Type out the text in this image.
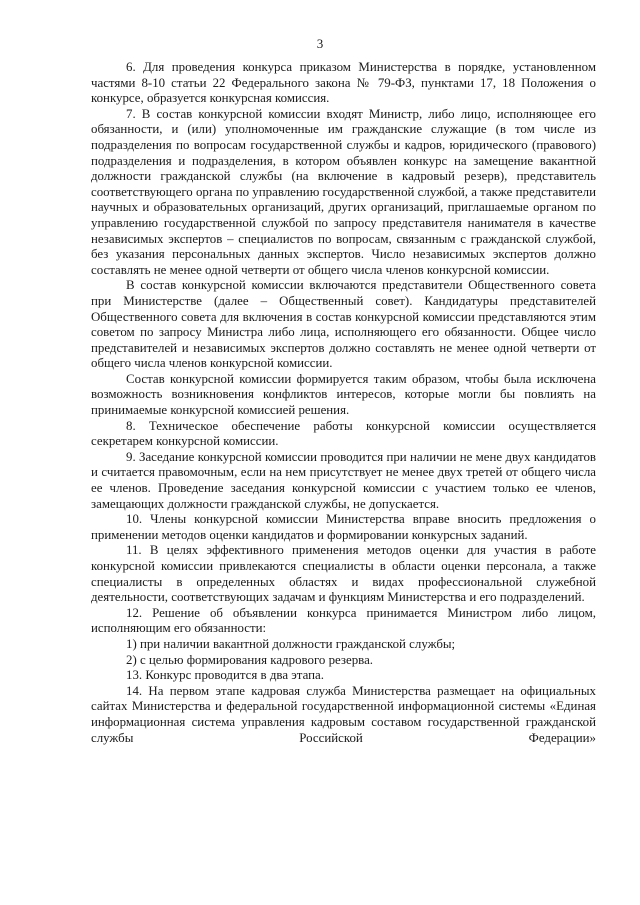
3

6. Для проведения конкурса приказом Министерства в порядке, установленном частями 8-10 статьи 22 Федерального закона № 79-ФЗ, пунктами 17, 18 Положения о конкурсе, образуется конкурсная комиссия.

7. В состав конкурсной комиссии входят Министр, либо лицо, исполняющее его обязанности, и (или) уполномоченные им гражданские служащие (в том числе из подразделения по вопросам государственной службы и кадров, юридического (правового) подразделения и подразделения, в котором объявлен конкурс на замещение вакантной должности гражданской службы (на включение в кадровый резерв), представитель соответствующего органа по управлению государственной службой, а также представители научных и образовательных организаций, других организаций, приглашаемые органом по управлению государственной службой по запросу представителя нанимателя в качестве независимых экспертов – специалистов по вопросам, связанным с гражданской службой, без указания персональных данных экспертов. Число независимых экспертов должно составлять не менее одной четверти от общего числа членов конкурсной комиссии.

В состав конкурсной комиссии включаются представители Общественного совета при Министерстве (далее – Общественный совет). Кандидатуры представителей Общественного совета для включения в состав конкурсной комиссии представляются этим советом по запросу Министра либо лица, исполняющего его обязанности. Общее число представителей и независимых экспертов должно составлять не менее одной четверти от общего числа членов конкурсной комиссии.

Состав конкурсной комиссии формируется таким образом, чтобы была исключена возможность возникновения конфликтов интересов, которые могли бы повлиять на принимаемые конкурсной комиссией решения.

8. Техническое обеспечение работы конкурсной комиссии осуществляется секретарем конкурсной комиссии.

9. Заседание конкурсной комиссии проводится при наличии не мене двух кандидатов и считается правомочным, если на нем присутствует не менее двух третей от общего числа ее членов. Проведение заседания конкурсной комиссии с участием только ее членов, замещающих должности гражданской службы, не допускается.

10. Члены конкурсной комиссии Министерства вправе вносить предложения о применении методов оценки кандидатов и формировании конкурсных заданий.

11. В целях эффективного применения методов оценки для участия в работе конкурсной комиссии привлекаются специалисты в области оценки персонала, а также специалисты в определенных областях и видах профессиональной служебной деятельности, соответствующих задачам и функциям Министерства и его подразделений.

12. Решение об объявлении конкурса принимается Министром либо лицом, исполняющим его обязанности:

1) при наличии вакантной должности гражданской службы;

2) с целью формирования кадрового резерва.

13. Конкурс проводится в два этапа.

14. На первом этапе кадровая служба Министерства размещает на официальных сайтах Министерства и федеральной государственной информационной системы «Единая информационная система управления кадровым составом государственной гражданской службы Российской Федерации»
